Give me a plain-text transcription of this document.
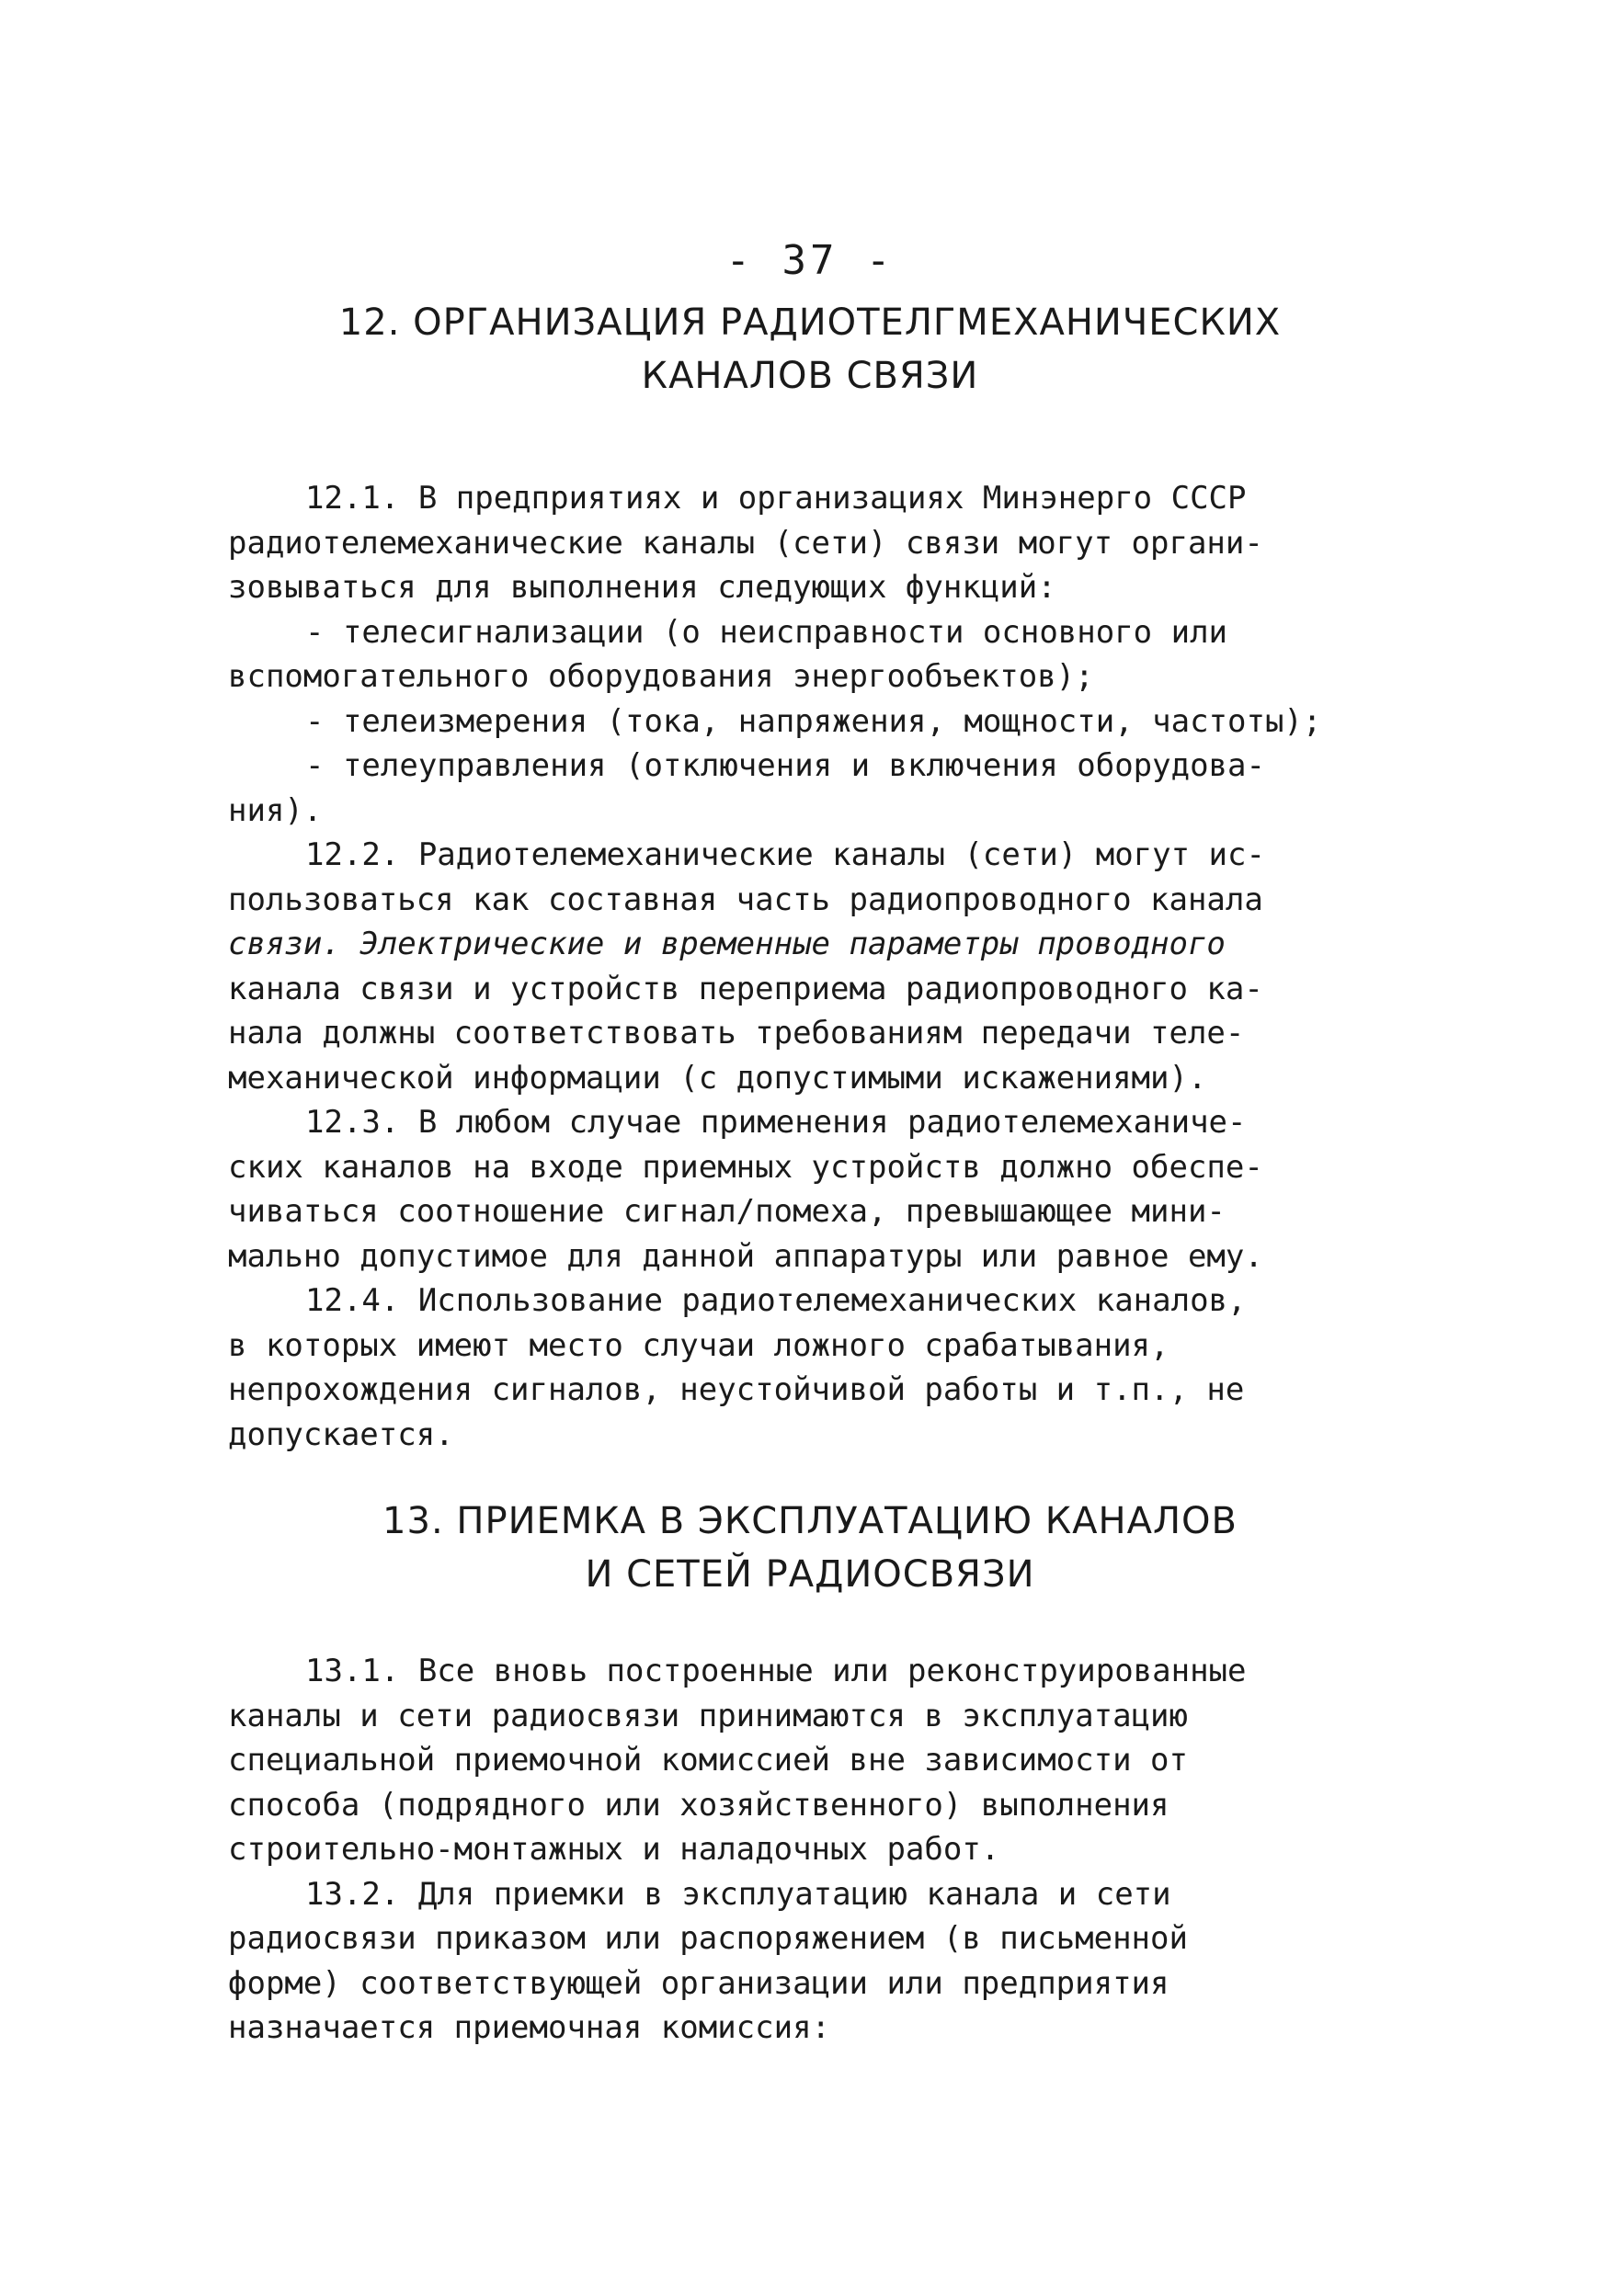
- 37 -
12. ОРГАНИЗАЦИЯ РАДИОТЕЛГМЕХАНИЧЕСКИХ
КАНАЛОВ СВЯЗИ
12.1. В предприятиях и организациях Минэнерго СССР
радиотелемеханические каналы (сети) связи могут органи-
зовываться для выполнения следующих функций:
- телесигнализации (о неисправности основного или
вспомогательного оборудования энергообъектов);
- телеизмерения (тока, напряжения, мощности, частоты);
- телеуправления (отключения и включения оборудова-
ния).
12.2. Радиотелемеханические каналы (сети) могут ис-
пользоваться как составная часть радиопроводного канала
связи. Электрические и временные параметры проводного
канала связи и устройств переприема радиопроводного ка-
нала должны соответствовать требованиям передачи теле-
механической информации (с допустимыми искажениями).
12.3. В любом случае применения радиотелемеханиче-
ских каналов на входе приемных устройств должно обеспе-
чиваться соотношение сигнал/помеха, превышающее мини-
мально допустимое для данной аппаратуры или равное ему.
12.4. Использование радиотелемеханических каналов,
в которых имеют место случаи ложного срабатывания,
непрохождения сигналов, неустойчивой работы и т.п., не
допускается.
13. ПРИЕМКА В ЭКСПЛУАТАЦИЮ КАНАЛОВ
И СЕТЕЙ РАДИОСВЯЗИ
13.1. Все вновь построенные или реконструированные
каналы и сети радиосвязи принимаются в эксплуатацию
специальной приемочной комиссией вне зависимости от
способа (подрядного или хозяйственного) выполнения
строительно-монтажных и наладочных работ.
13.2. Для приемки в эксплуатацию канала и сети
радиосвязи приказом или распоряжением (в письменной
форме) соответствующей организации или предприятия
назначается приемочная комиссия:
